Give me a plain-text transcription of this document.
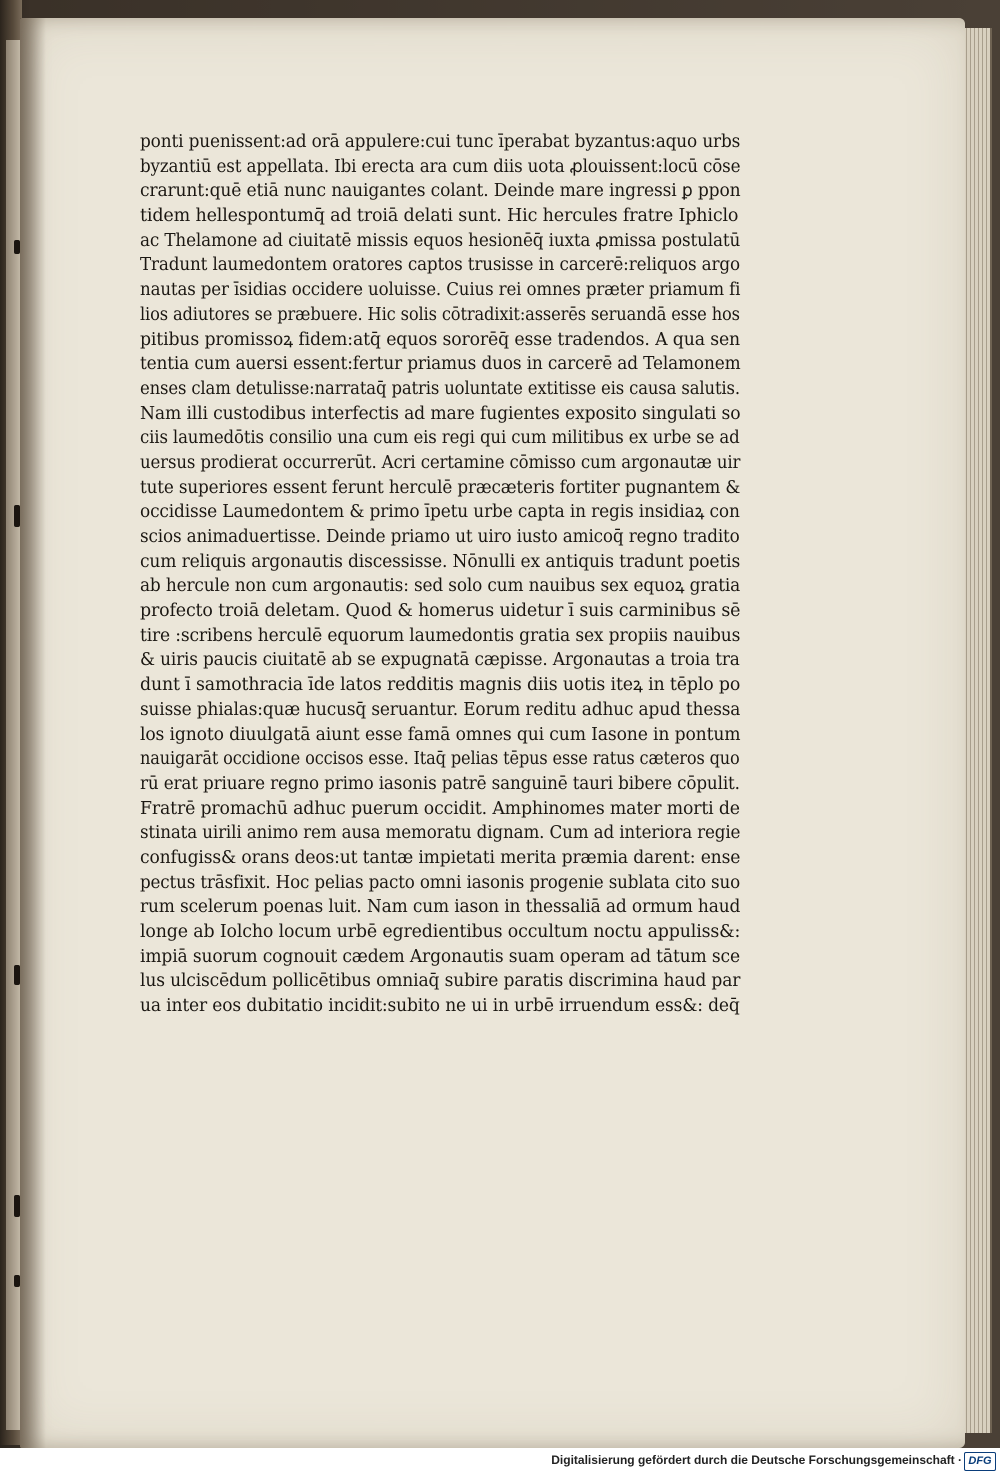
ponti puenissent:ad orā appulere:cui tunc īperabat byzantus:aquo urbs
byzantiū est appellata. Ibi erecta ara cum diis uota ꝓlouissent:locū cōse
crarunt:quē etiā nunc nauigantes colant. Deinde mare ingressi ꝑ ppon
tidem hellespontumq̄ ad troiā delati sunt. Hic hercules fratre Iphiclo
ac Thelamone ad ciuitatē missis equos hesionēq̄ iuxta ꝓmissa postulatū
Tradunt laumedontem oratores captos trusisse in carcerē:reliquos argo
nautas per īsidias occidere uoluisse. Cuius rei omnes præter priamum fi
lios adiutores se præbuere. Hic solis cōtradixit:asserēs seruandā esse hos
pitibus promissoꝝ fidem:atq̄ equos sororēq̄ esse tradendos. A qua sen
tentia cum auersi essent:fertur priamus duos in carcerē ad Telamonem
enses clam detulisse:narrataq̄ patris uoluntate extitisse eis causa salutis.
Nam illi custodibus interfectis ad mare fugientes exposito singulati so
ciis laumedōtis consilio una cum eis regi qui cum militibus ex urbe se ad
uersus prodierat occurrerūt. Acri certamine cōmisso cum argonautæ uir
tute superiores essent ferunt herculē præcæteris fortiter pugnantem &
occidisse Laumedontem & primo īpetu urbe capta in regis insidiaꝝ con
scios animaduertisse. Deinde priamo ut uiro iusto amicoq̄ regno tradito
cum reliquis argonautis discessisse. Nōnulli ex antiquis tradunt poetis
ab hercule non cum argonautis: sed solo cum nauibus sex equoꝝ gratia
profecto troiā deletam. Quod & homerus uidetur ī suis carminibus sē
tire :scribens herculē equorum laumedontis gratia sex propiis nauibus
& uiris paucis ciuitatē ab se expugnatā cæpisse. Argonautas a troia tra
dunt ī samothracia īde latos redditis magnis diis uotis iteꝝ in tēplo po
suisse phialas:quæ hucusq̄ seruantur. Eorum reditu adhuc apud thessa
los ignoto diuulgatā aiunt esse famā omnes qui cum Iasone in pontum
nauigarāt occidione occisos esse. Itaq̄ pelias tēpus esse ratus cæteros quo
rū erat priuare regno primo iasonis patrē sanguinē tauri bibere cōpulit.
Fratrē promachū adhuc puerum occidit. Amphinomes mater morti de
stinata uirili animo rem ausa memoratu dignam. Cum ad interiora regie
confugiss& orans deos:ut tantæ impietati merita præmia darent: ense
pectus trāsfixit. Hoc pelias pacto omni iasonis progenie sublata cito suo
rum scelerum poenas luit. Nam cum iason in thessaliā ad ormum haud
longe ab Iolcho locum urbē egredientibus occultum noctu appuliss&:
impiā suorum cognouit cædem Argonautis suam operam ad tātum sce
lus ulciscēdum pollicētibus omniaq̄ subire paratis discrimina haud par
ua inter eos dubitatio incidit:subito ne ui in urbē irruendum ess&: deq̄
Digitalisierung gefördert durch die Deutsche Forschungsgemeinschaft · DFG
